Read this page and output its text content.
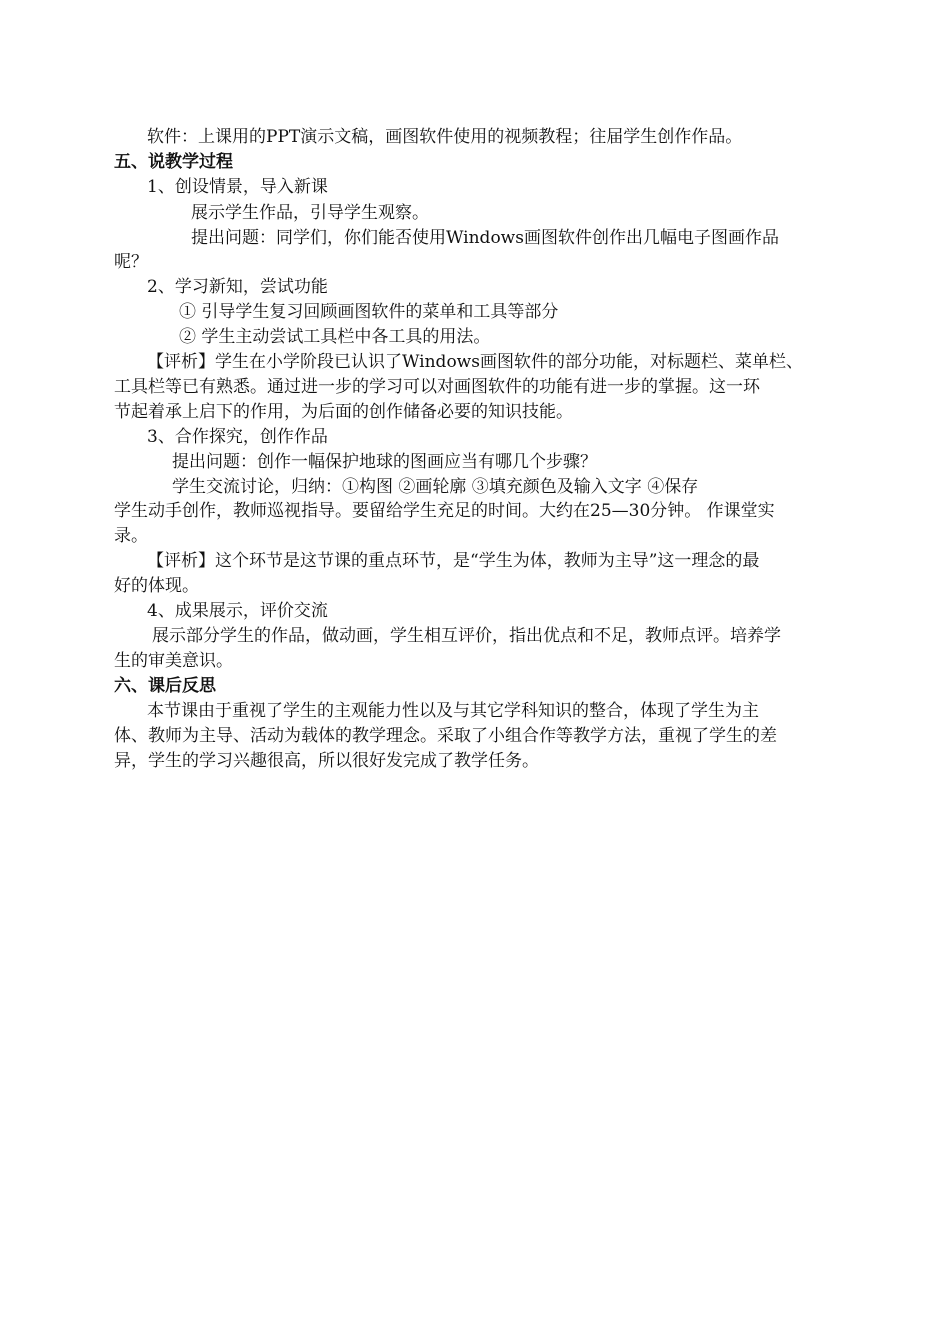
软件：上课用的PPT演示文稿，画图软件使用的视频教程；往届学生创作作品。
五、说教学过程
1、创设情景，导入新课
展示学生作品，引导学生观察。
提出问题：同学们，你们能否使用Windows画图软件创作出几幅电子图画作品
呢？
2、学习新知，尝试功能
① 引导学生复习回顾画图软件的菜单和工具等部分
② 学生主动尝试工具栏中各工具的用法。
【评析】学生在小学阶段已认识了Windows画图软件的部分功能，对标题栏、菜单栏、
工具栏等已有熟悉。通过进一步的学习可以对画图软件的功能有进一步的掌握。这一环
节起着承上启下的作用，为后面的创作储备必要的知识技能。
3、合作探究，创作作品
提出问题：创作一幅保护地球的图画应当有哪几个步骤？
学生交流讨论，归纳：①构图 ②画轮廓 ③填充颜色及输入文字 ④保存
学生动手创作，教师巡视指导。要留给学生充足的时间。大约在25—30分钟。 作课堂实
录。
【评析】这个环节是这节课的重点环节，是“学生为体，教师为主导”这一理念的最
好的体现。
4、成果展示，评价交流
展示部分学生的作品，做动画，学生相互评价，指出优点和不足，教师点评。培养学
生的审美意识。
六、课后反思
本节课由于重视了学生的主观能力性以及与其它学科知识的整合，体现了学生为主
体、教师为主导、活动为载体的教学理念。采取了小组合作等教学方法，重视了学生的差
异，学生的学习兴趣很高，所以很好发完成了教学任务。
